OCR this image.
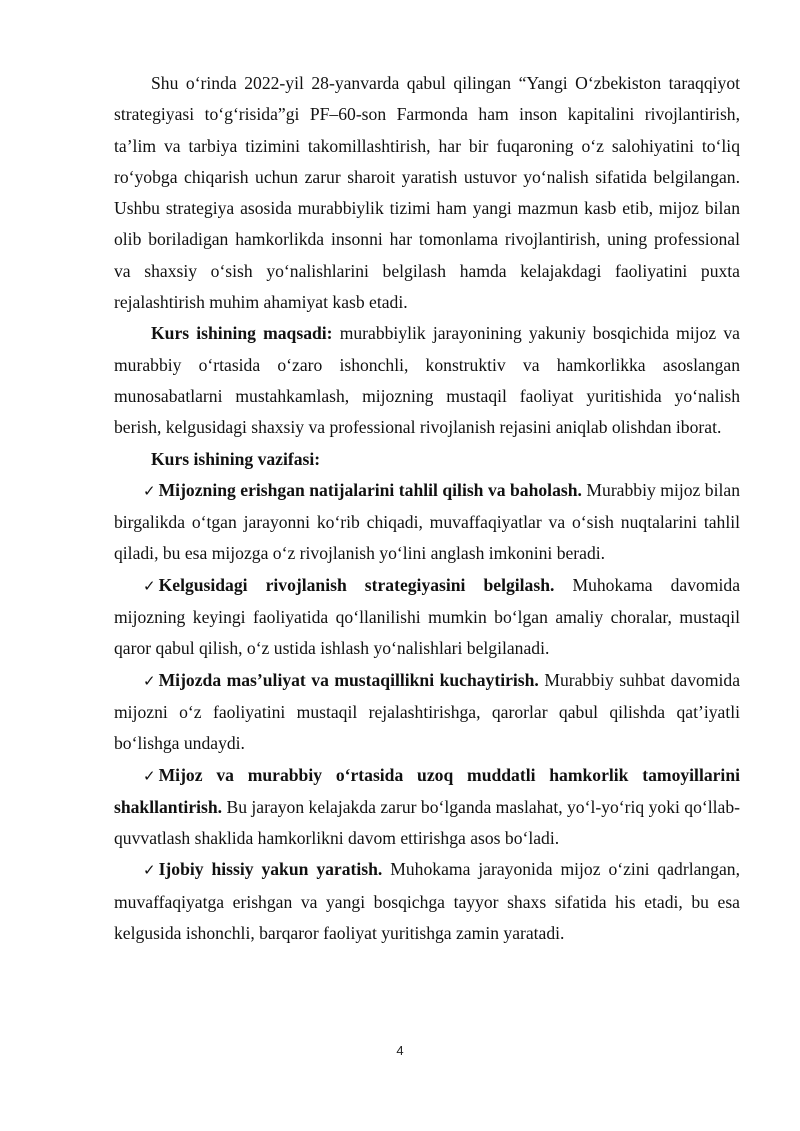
Shu o‘rinda 2022-yil 28-yanvarda qabul qilingan “Yangi O‘zbekiston taraqqiyot strategiyasi to‘g‘risida”gi PF–60-son Farmonda ham inson kapitalini rivojlantirish, ta’lim va tarbiya tizimini takomillashtirish, har bir fuqaroning o‘z salohiyatini to‘liq ro‘yobga chiqarish uchun zarur sharoit yaratish ustuvor yo‘nalish sifatida belgilangan. Ushbu strategiya asosida murabbiylik tizimi ham yangi mazmun kasb etib, mijoz bilan olib boriladigan hamkorlikda insonni har tomonlama rivojlantirish, uning professional va shaxsiy o‘sish yo‘nalishlarini belgilash hamda kelajakdagi faoliyatini puxta rejalashtirish muhim ahamiyat kasb etadi.

Kurs ishining maqsadi: murabbiylik jarayonining yakuniy bosqichida mijoz va murabbiy o‘rtasida o‘zaro ishonchli, konstruktiv va hamkorlikka asoslangan munosabatlarni mustahkamlash, mijozning mustaqil faoliyat yuritishida yo‘nalish berish, kelgusidagi shaxsiy va professional rivojlanish rejasini aniqlab olishdan iborat.

Kurs ishining vazifasi:

✓ Mijozning erishgan natijalarini tahlil qilish va baholash. Murabbiy mijoz bilan birgalikda o‘tgan jarayonni ko‘rib chiqadi, muvaffaqiyatlar va o‘sish nuqtalarini tahlil qiladi, bu esa mijozga o‘z rivojlanish yo‘lini anglash imkonini beradi.

✓ Kelgusidagi rivojlanish strategiyasini belgilash. Muhokama davomida mijozning keyingi faoliyatida qo‘llanilishi mumkin bo‘lgan amaliy choralar, mustaqil qaror qabul qilish, o‘z ustida ishlash yo‘nalishlari belgilanadi.

✓ Mijozda mas’uliyat va mustaqillikni kuchaytirish. Murabbiy suhbat davomida mijozni o‘z faoliyatini mustaqil rejalashtirishga, qarorlar qabul qilishda qat’iyatli bo‘lishga undaydi.

✓ Mijoz va murabbiy o‘rtasida uzoq muddatli hamkorlik tamoyillarini shakllantirish. Bu jarayon kelajakda zarur bo‘lganda maslahat, yo‘l-yo‘riq yoki qo‘llab-quvvatlash shaklida hamkorlikni davom ettirishga asos bo‘ladi.

✓ Ijobiy hissiy yakun yaratish. Muhokama jarayonida mijoz o‘zini qadrlangan, muvaffaqiyatga erishgan va yangi bosqichga tayyor shaxs sifatida his etadi, bu esa kelgusida ishonchli, barqaror faoliyat yuritishga zamin yaratadi.

4
